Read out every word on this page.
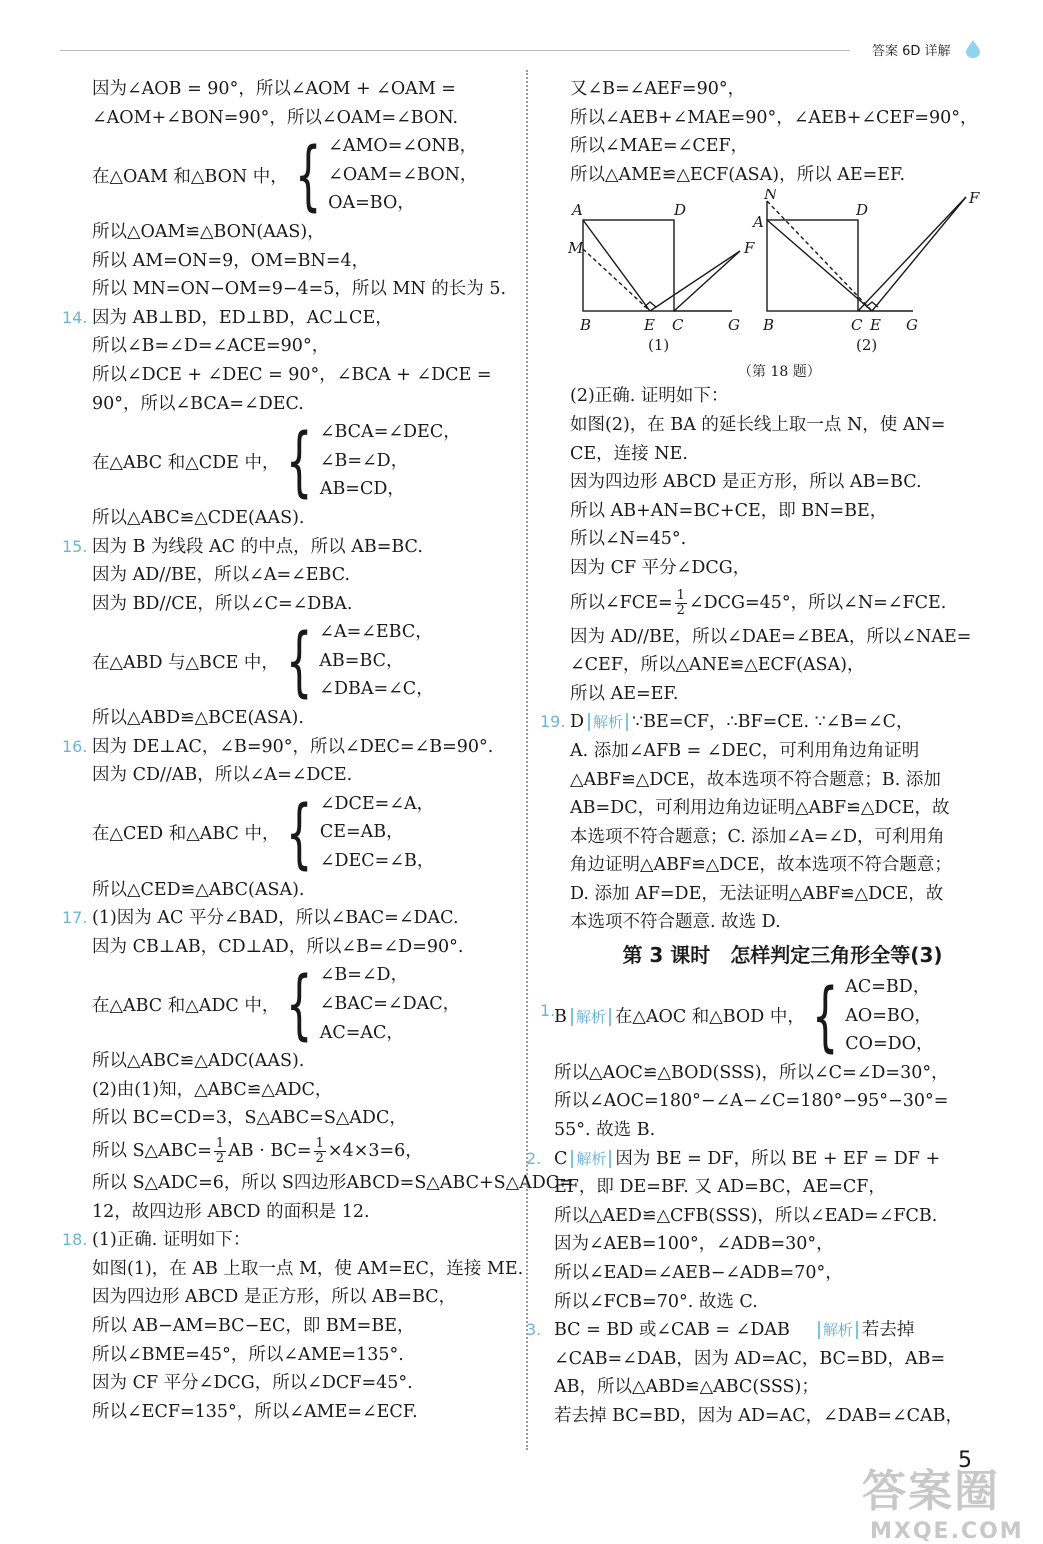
答案 6D 详解
因为∠AOB = 90°，所以∠AOM + ∠OAM =
∠AOM+∠BON=90°，所以∠OAM=∠BON.
在△OAM 和△BON 中， { ∠AMO=∠ONB，
∠OAM=∠BON，
OA=BO，
所以△OAM≌△BON(AAS)，
所以 AM=ON=9，OM=BN=4，
所以 MN=ON−OM=9−4=5，所以 MN 的长为 5.
14. 因为 AB⊥BD，ED⊥BD，AC⊥CE，
所以∠B=∠D=∠ACE=90°，
所以∠DCE + ∠DEC = 90°，∠BCA + ∠DCE =
90°，所以∠BCA=∠DEC.
在△ABC 和△CDE 中， { ∠BCA=∠DEC，
∠B=∠D，
AB=CD，
所以△ABC≌△CDE(AAS).
15. 因为 B 为线段 AC 的中点，所以 AB=BC.
因为 AD//BE，所以∠A=∠EBC.
因为 BD//CE，所以∠C=∠DBA.
在△ABD 与△BCE 中， { ∠A=∠EBC，
AB=BC，
∠DBA=∠C，
所以△ABD≌△BCE(ASA).
16. 因为 DE⊥AC，∠B=90°，所以∠DEC=∠B=90°.
因为 CD//AB，所以∠A=∠DCE.
在△CED 和△ABC 中， { ∠DCE=∠A，
CE=AB，
∠DEC=∠B，
所以△CED≌△ABC(ASA).
17. (1)因为 AC 平分∠BAD，所以∠BAC=∠DAC.
因为 CB⊥AB，CD⊥AD，所以∠B=∠D=90°.
在△ABC 和△ADC 中， { ∠B=∠D，
∠BAC=∠DAC，
AC=AC，
所以△ABC≌△ADC(AAS).
(2)由(1)知，△ABC≌△ADC，
所以 BC=CD=3，S△ABC=S△ADC，
所以 S△ABC= $\frac{1}{2}$ AB · $BC= \frac{1}{2} \times 4\times 3=6$，
所以 S△ADC=6，所以 S四边形ABCD=S△ABC+S△ADC=
12，故四边形 ABCD 的面积是 12.
18. (1)正确. 证明如下：
如图(1)，在 AB 上取一点 M，使 AM=EC，连接 ME.
因为四边形 ABCD 是正方形，所以 AB=BC，
所以 AB−AM=BC−EC，即 BM=BE，
所以∠BME=45°，所以∠AME=135°.
因为 CF 平分∠DCG，所以∠DCF=45°.
所以∠ECF=135°，所以∠AME=∠ECF.
又∠B=∠AEF=90°，
所以∠AEB+∠MAE=90°，∠AEB+∠CEF=90°，
所以∠MAE=∠CEF，
所以△AME≌△ECF(ASA)，所以 AE=EF.
A	D
M	F
B	E C	G
(1)
N
A
D
F
B	C E G
(2)
（第 18 题）
(2)正确. 证明如下：
如图(2)，在 BA 的延长线上取一点 N，使 AN=
CE，连接 NE.
因为四边形 ABCD 是正方形，所以 AB=BC.
所以 AB+AN=BC+CE，即 BN=BE，
所以∠N=45°.
因为 CF 平分∠DCG，
所以∠FCE= $\frac{1}{2}$ ∠DCG=45°，所以∠N=∠FCE.
因为 AD//BE，所以∠DAE=∠BEA，所以∠NAE=
∠CEF，所以△ANE≌△ECF(ASA)，
所以 AE=EF.
19. D 解析 ∵BE=CF，∴BF=CE. ∵∠B=∠C，
A. 添加∠AFB = ∠DEC，可利用角边角证明
△ABF≌△DCE，故本选项不符合题意；B. 添加
AB=DC，可利用边角边证明△ABF≌△DCE，故
本选项不符合题意；C. 添加∠A=∠D，可利用角
角边证明△ABF≌△DCE，故本选项不符合题意；
D. 添加 AF=DE，无法证明△ABF≌△DCE，故
本选项不符合题意. 故选 D.
第 3 课时　怎样判定三角形全等(3)
1.
B 解析 在△AOC 和△BOD 中， { AC=BD，
AO=BO，
CO=DO，
所以△AOC≌△BOD(SSS)，所以∠C=∠D=30°，
所以∠AOC=180°−∠A−∠C=180°−95°−30°=
55°. 故选 B.
2. C 解析 因为 BE = DF，所以 BE + EF = DF +
EF，即 DE=BF. 又 AD=BC，AE=CF，
所以△AED≌△CFB(SSS)，所以∠EAD=∠FCB.
因为∠AEB=100°，∠ADB=30°，
所以∠EAD=∠AEB−∠ADB=70°，
所以∠FCB=70°. 故选 C.
3. BC = BD 或∠CAB = ∠DAB 解析 若去掉
∠CAB=∠DAB，因为 AD=AC，BC=BD，AB=
AB，所以△ABD≌△ABC(SSS)；
若去掉 BC=BD，因为 AD=AC，∠DAB=∠CAB，
答案圈
MXQE.COM
5
